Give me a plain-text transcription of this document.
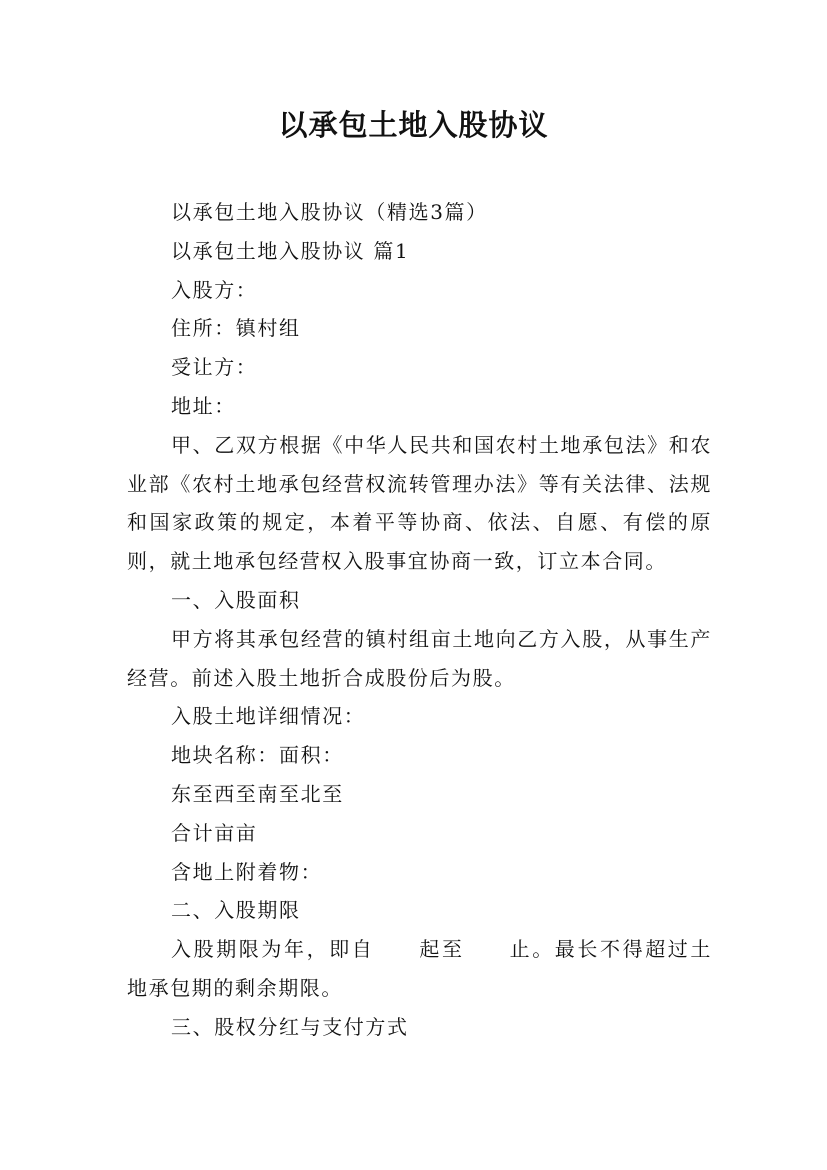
以承包土地入股协议

以承包土地入股协议（精选3篇）

以承包土地入股协议 篇1

入股方：

住所：镇村组

受让方：

地址：

甲、乙双方根据《中华人民共和国农村土地承包法》和农业部《农村土地承包经营权流转管理办法》等有关法律、法规和国家政策的规定，本着平等协商、依法、自愿、有偿的原则，就土地承包经营权入股事宜协商一致，订立本合同。

一、入股面积

甲方将其承包经营的镇村组亩土地向乙方入股，从事生产经营。前述入股土地折合成股份后为股。

入股土地详细情况：

地块名称：面积：

东至西至南至北至

合计亩亩

含地上附着物：

二、入股期限

入股期限为年，即自 起至 止。最长不得超过土地承包期的剩余期限。

三、股权分红与支付方式
